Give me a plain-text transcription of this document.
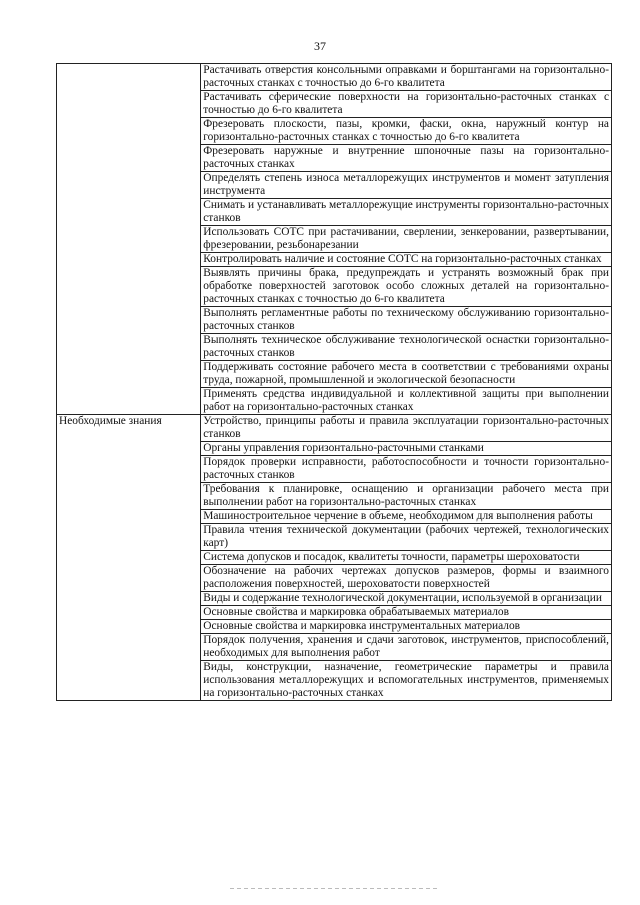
37
	Растачивать отверстия консольными оправками и борштангами на горизонтально-расточных станках с точностью до 6-го квалитета
	Растачивать сферические поверхности на горизонтально-расточных станках с точностью до 6-го квалитета
	Фрезеровать плоскости, пазы, кромки, фаски, окна, наружный контур на горизонтально-расточных станках с точностью до 6-го квалитета
	Фрезеровать наружные и внутренние шпоночные пазы на горизонтально-расточных станках
	Определять степень износа металлорежущих инструментов и момент затупления инструмента
	Снимать и устанавливать металлорежущие инструменты горизонтально-расточных станков
	Использовать СОТС при растачивании, сверлении, зенкеровании, развертывании, фрезеровании, резьбонарезании
	Контролировать наличие и состояние СОТС на горизонтально-расточных станках
	Выявлять причины брака, предупреждать и устранять возможный брак при обработке поверхностей заготовок особо сложных деталей на горизонтально-расточных станках с точностью до 6-го квалитета
	Выполнять регламентные работы по техническому обслуживанию горизонтально-расточных станков
	Выполнять техническое обслуживание технологической оснастки горизонтально-расточных станков
	Поддерживать состояние рабочего места в соответствии с требованиями охраны труда, пожарной, промышленной и экологической безопасности
	Применять средства индивидуальной и коллективной защиты при выполнении работ на горизонтально-расточных станках
Необходимые знания	Устройство, принципы работы и правила эксплуатации горизонтально-расточных станков
	Органы управления горизонтально-расточными станками
	Порядок проверки исправности, работоспособности и точности горизонтально-расточных станков
	Требования к планировке, оснащению и организации рабочего места при выполнении работ на горизонтально-расточных станках
	Машиностроительное черчение в объеме, необходимом для выполнения работы
	Правила чтения технической документации (рабочих чертежей, технологических карт)
	Система допусков и посадок, квалитеты точности, параметры шероховатости
	Обозначение на рабочих чертежах допусков размеров, формы и взаимного расположения поверхностей, шероховатости поверхностей
	Виды и содержание технологической документации, используемой в организации
	Основные свойства и маркировка обрабатываемых материалов
	Основные свойства и маркировка инструментальных материалов
	Порядок получения, хранения и сдачи заготовок, инструментов, приспособлений, необходимых для выполнения работ
	Виды, конструкции, назначение, геометрические параметры и правила использования металлорежущих и вспомогательных инструментов, применяемых на горизонтально-расточных станках
